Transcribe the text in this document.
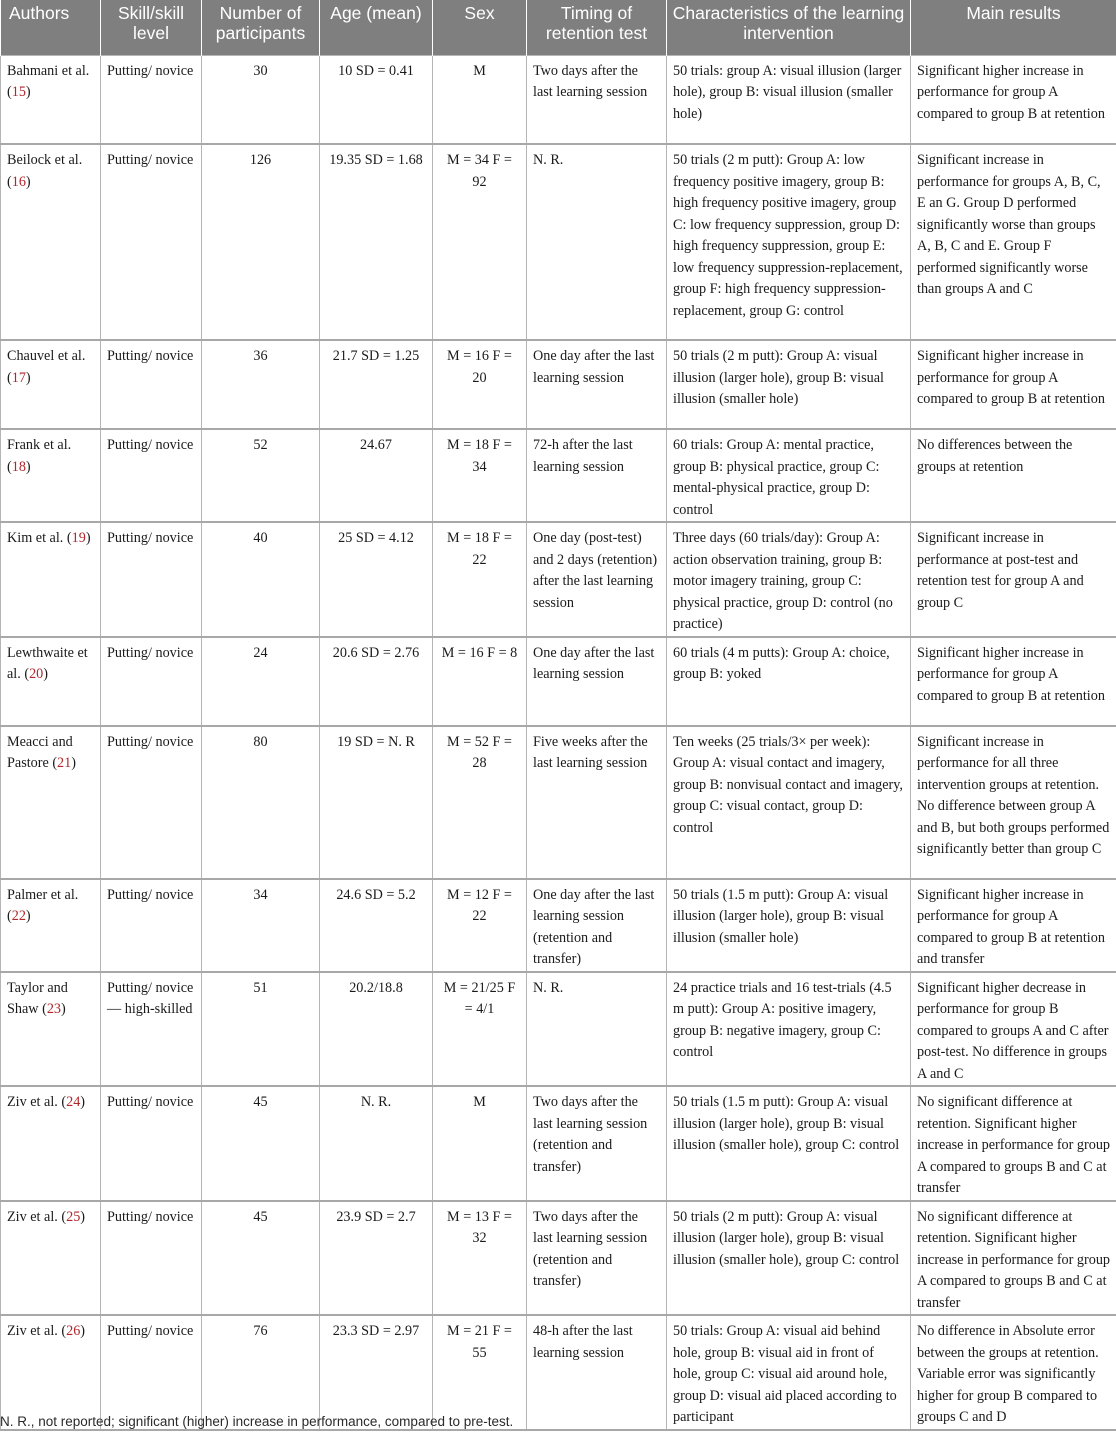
Authors	Skill/skill level	Number of participants	Age (mean)	Sex	Timing of retention test	Characteristics of the learning intervention	Main results
Bahmani et al. (15)	Putting/ novice	30	10 SD = 0.41	M	Two days after the last learning session	50 trials: group A: visual illusion (larger hole), group B: visual illusion (smaller hole)	Significant higher increase in performance for group A compared to group B at retention
Beilock et al. (16)	Putting/ novice	126	19.35 SD = 1.68	M = 34 F = 92	N. R.	50 trials (2 m putt): Group A: low frequency positive imagery, group B: high frequency positive imagery, group C: low frequency suppression, group D: high frequency suppression, group E: low frequency suppression-replacement, group F: high frequency suppression-replacement, group G: control	Significant increase in performance for groups A, B, C, E an G. Group D performed significantly worse than groups A, B, C and E. Group F performed significantly worse than groups A and C
Chauvel et al. (17)	Putting/ novice	36	21.7 SD = 1.25	M = 16 F = 20	One day after the last learning session	50 trials (2 m putt): Group A: visual illusion (larger hole), group B: visual illusion (smaller hole)	Significant higher increase in performance for group A compared to group B at retention
Frank et al. (18)	Putting/ novice	52	24.67	M = 18 F = 34	72-h after the last learning session	60 trials: Group A: mental practice, group B: physical practice, group C: mental-physical practice, group D: control	No differences between the groups at retention
Kim et al. (19)	Putting/ novice	40	25 SD = 4.12	M = 18 F = 22	One day (post-test) and 2 days (retention) after the last learning session	Three days (60 trials/day): Group A: action observation training, group B: motor imagery training, group C: physical practice, group D: control (no practice)	Significant increase in performance at post-test and retention test for group A and group C
Lewthwaite et al. (20)	Putting/ novice	24	20.6 SD = 2.76	M = 16 F = 8	One day after the last learning session	60 trials (4 m putts): Group A: choice, group B: yoked	Significant higher increase in performance for group A compared to group B at retention
Meacci and Pastore (21)	Putting/ novice	80	19 SD = N. R	M = 52 F = 28	Five weeks after the last learning session	Ten weeks (25 trials/3× per week): Group A: visual contact and imagery, group B: nonvisual contact and imagery, group C: visual contact, group D: control	Significant increase in performance for all three intervention groups at retention. No difference between group A and B, but both groups performed significantly better than group C
Palmer et al. (22)	Putting/ novice	34	24.6 SD = 5.2	M = 12 F = 22	One day after the last learning session (retention and transfer)	50 trials (1.5 m putt): Group A: visual illusion (larger hole), group B: visual illusion (smaller hole)	Significant higher increase in performance for group A compared to group B at retention and transfer
Taylor and Shaw (23)	Putting/ novice— high-skilled	51	20.2/18.8	M = 21/25 F = 4/1	N. R.	24 practice trials and 16 test-trials (4.5 m putt): Group A: positive imagery, group B: negative imagery, group C: control	Significant higher decrease in performance for group B compared to groups A and C after post-test. No difference in groups A and C
Ziv et al. (24)	Putting/ novice	45	N. R.	M	Two days after the last learning session (retention and transfer)	50 trials (1.5 m putt): Group A: visual illusion (larger hole), group B: visual illusion (smaller hole), group C: control	No significant difference at retention. Significant higher increase in performance for group A compared to groups B and C at transfer
Ziv et al. (25)	Putting/ novice	45	23.9 SD = 2.7	M = 13 F = 32	Two days after the last learning session (retention and transfer)	50 trials (2 m putt): Group A: visual illusion (larger hole), group B: visual illusion (smaller hole), group C: control	No significant difference at retention. Significant higher increase in performance for group A compared to groups B and C at transfer
Ziv et al. (26)	Putting/ novice	76	23.3 SD = 2.97	M = 21 F = 55	48-h after the last learning session	50 trials: Group A: visual aid behind hole, group B: visual aid in front of hole, group C: visual aid around hole, group D: visual aid placed according to participant	No difference in Absolute error between the groups at retention. Variable error was significantly higher for group B compared to groups C and D
N. R., not reported; significant (higher) increase in performance, compared to pre-test.
